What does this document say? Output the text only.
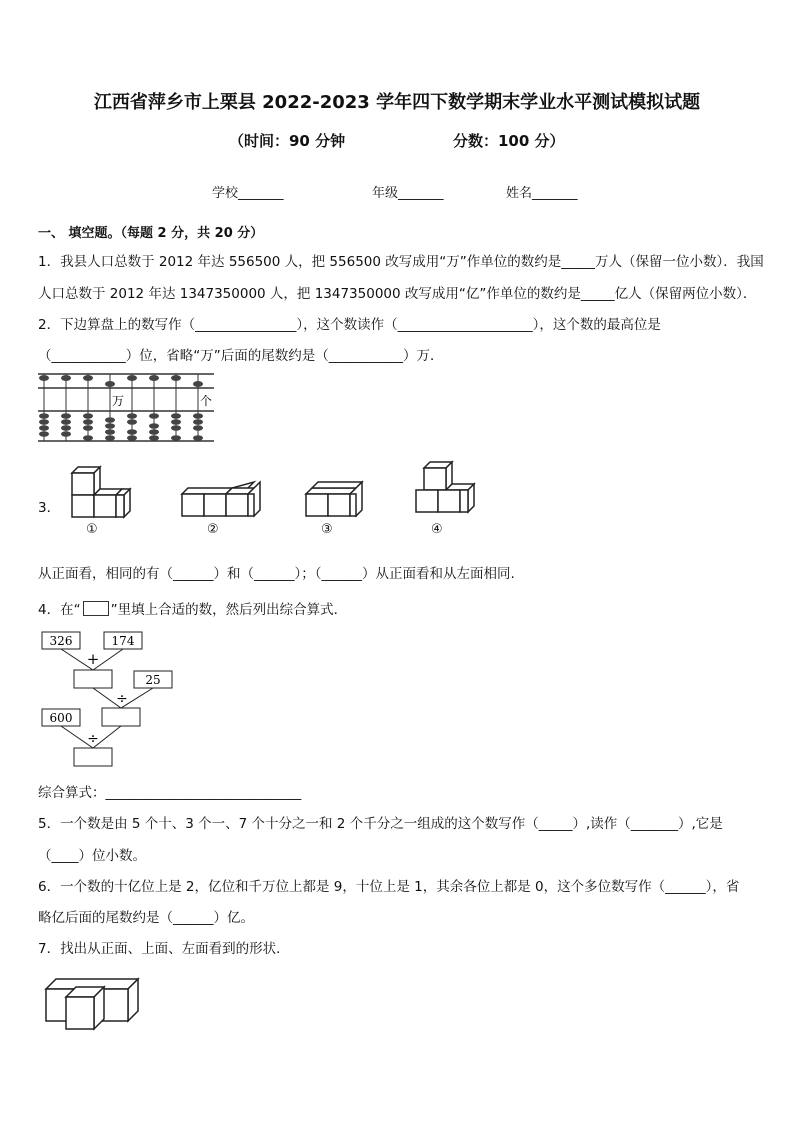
江西省萍乡市上栗县 2022-2023 学年四下数学期末学业水平测试模拟试题
（时间：90 分钟	分数：100 分）
学校_______	年级_______	姓名_______
一、 填空题。（每题 2 分，共 20 分）
1．我县人口总数于 2012 年达 556500 人，把 556500 改写成用“万”作单位的数约是_____万人（保留一位小数）．我国
人口总数于 2012 年达 1347350000 人，把 1347350000 改写成用“亿”作单位的数约是_____亿人（保留两位小数）．
2．下边算盘上的数写作（_______________），这个数读作（____________________），这个数的最高位是
（___________）位，省略“万”后面的尾数约是（___________）万．
万	个
3．
①	②	③	④
从正面看，相同的有（______）和（______）；（______）从正面看和从左面相同.
4．在“ ”里填上合适的数，然后列出综合算式．
326	174
+
25
÷
600
÷
综合算式：_____________________________
5．一个数是由 5 个十、3 个一、7 个十分之一和 2 个千分之一组成的这个数写作（_____）,读作（_______）,它是
（____）位小数。
6．一个数的十亿位上是 2，亿位和千万位上都是 9，十位上是 1，其余各位上都是 0，这个多位数写作（______），省
略亿后面的尾数约是（______）亿。
7．找出从正面、上面、左面看到的形状．
